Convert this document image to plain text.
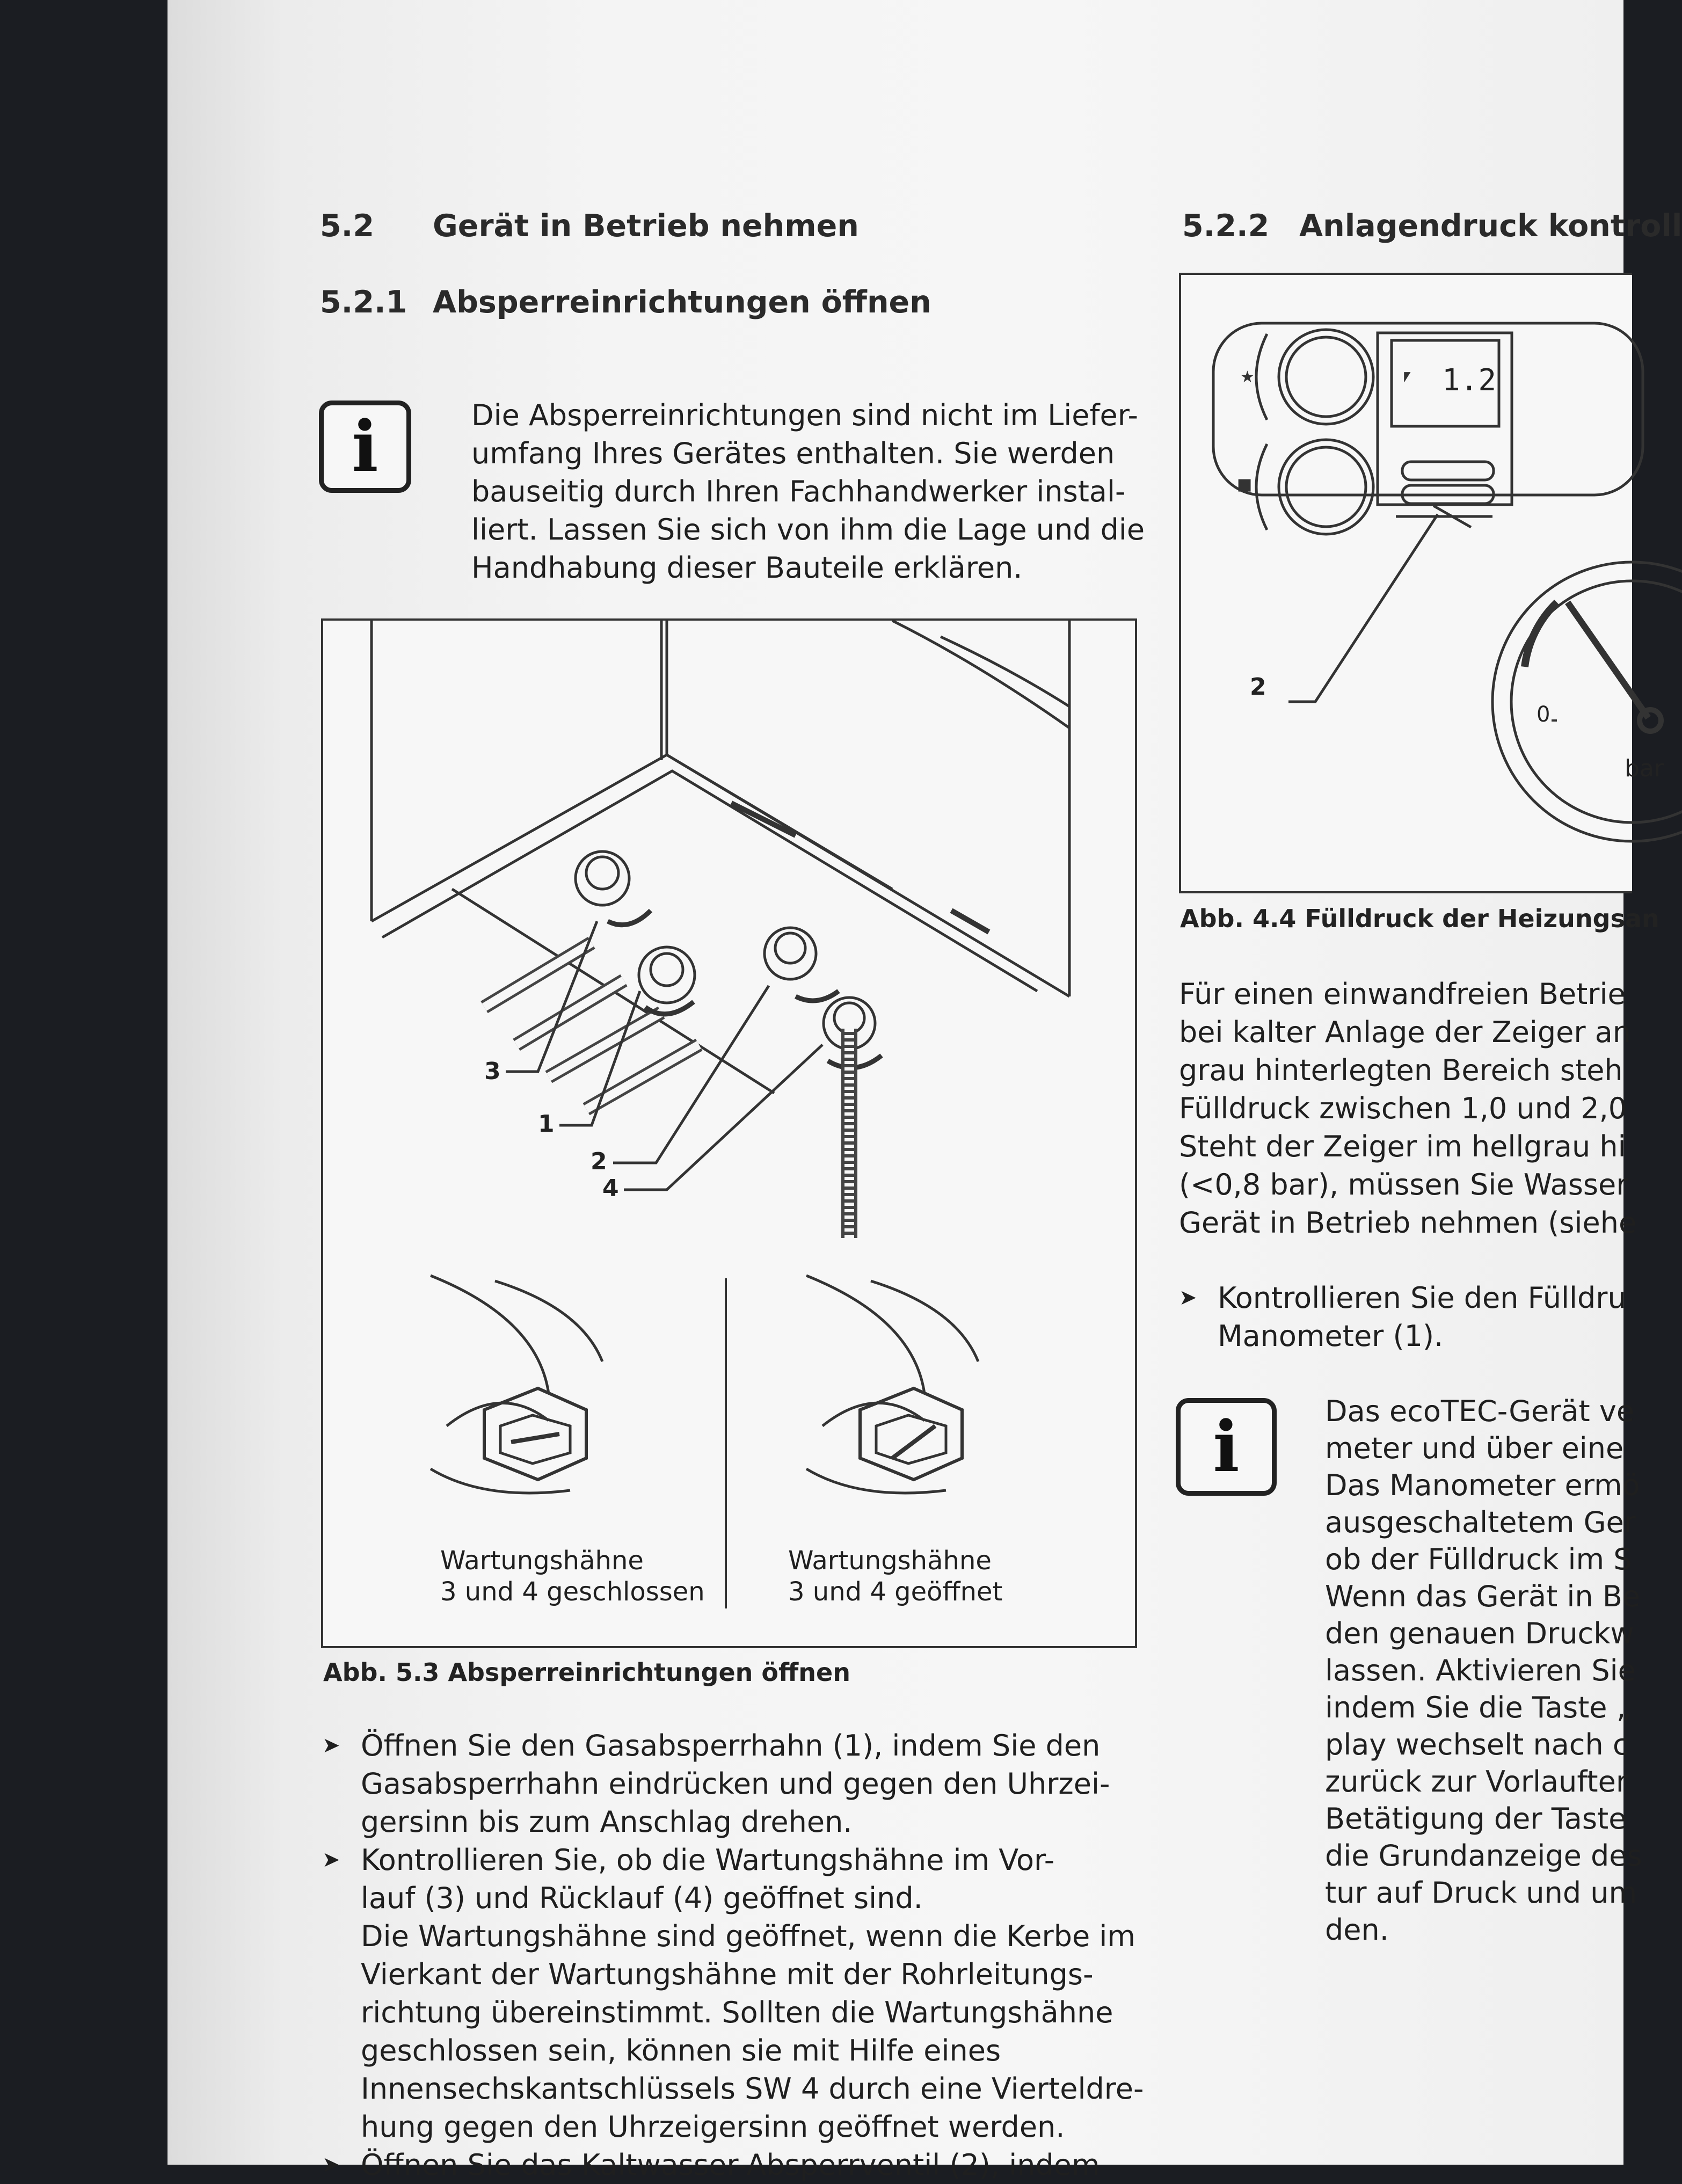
5.2 Gerät in Betrieb nehmen
5.2.1 Absperreinrichtungen öffnen
i	Die Absperreinrichtungen sind nicht im Liefer-
umfang Ihres Gerätes enthalten. Sie werden
bauseitig durch Ihren Fachhandwerker instal-
liert. Lassen Sie sich von ihm die Lage und die
Handhabung dieser Bauteile erklären.
3
1
2
4
Wartungshähne
3 und 4 geschlossen
Wartungshähne
3 und 4 geöffnet
Abb. 5.3 Absperreinrichtungen öffnen
➤ Öffnen Sie den Gasabsperrhahn (1), indem Sie den
Gasabsperrhahn eindrücken und gegen den Uhrzei-
gersinn bis zum Anschlag drehen.
➤ Kontrollieren Sie, ob die Wartungshähne im Vor-
lauf (3) und Rücklauf (4) geöffnet sind.
Die Wartungshähne sind geöffnet, wenn die Kerbe im
Vierkant der Wartungshähne mit der Rohrleitungs-
richtung übereinstimmt. Sollten die Wartungshähne
geschlossen sein, können sie mit Hilfe eines
Innensechskantschlüssels SW 4 durch eine Vierteldre-
hung gegen den Uhrzeigersinn geöffnet werden.
➤ Öffnen Sie das Kaltwasser-Absperrventil (2), indem
5.2.2 Anlagendruck kontroll
★
■
⎖ 1.2
2
0
bar
Abb. 4.4 Fülldruck der Heizungsan
Für einen einwandfreien Betrie
bei kalter Anlage der Zeiger an
grau hinterlegten Bereich steh
Fülldruck zwischen 1,0 und 2,0
Steht der Zeiger im hellgrau hi
(<0,8 bar), müssen Sie Wasser
Gerät in Betrieb nehmen (siehe
➤ Kontrollieren Sie den Fülldru
Manometer (1).
i	Das ecoTEC-Gerät ve
meter und über eine
Das Manometer ermö
ausgeschaltetem Ger
ob der Fülldruck im S
Wenn das Gerät in Be
den genauen Druckw
lassen. Aktivieren Sie
indem Sie die Taste „
play wechselt nach c
zurück zur Vorlaufter
Betätigung der Taste
die Grundanzeige des
tur auf Druck und um
den.
